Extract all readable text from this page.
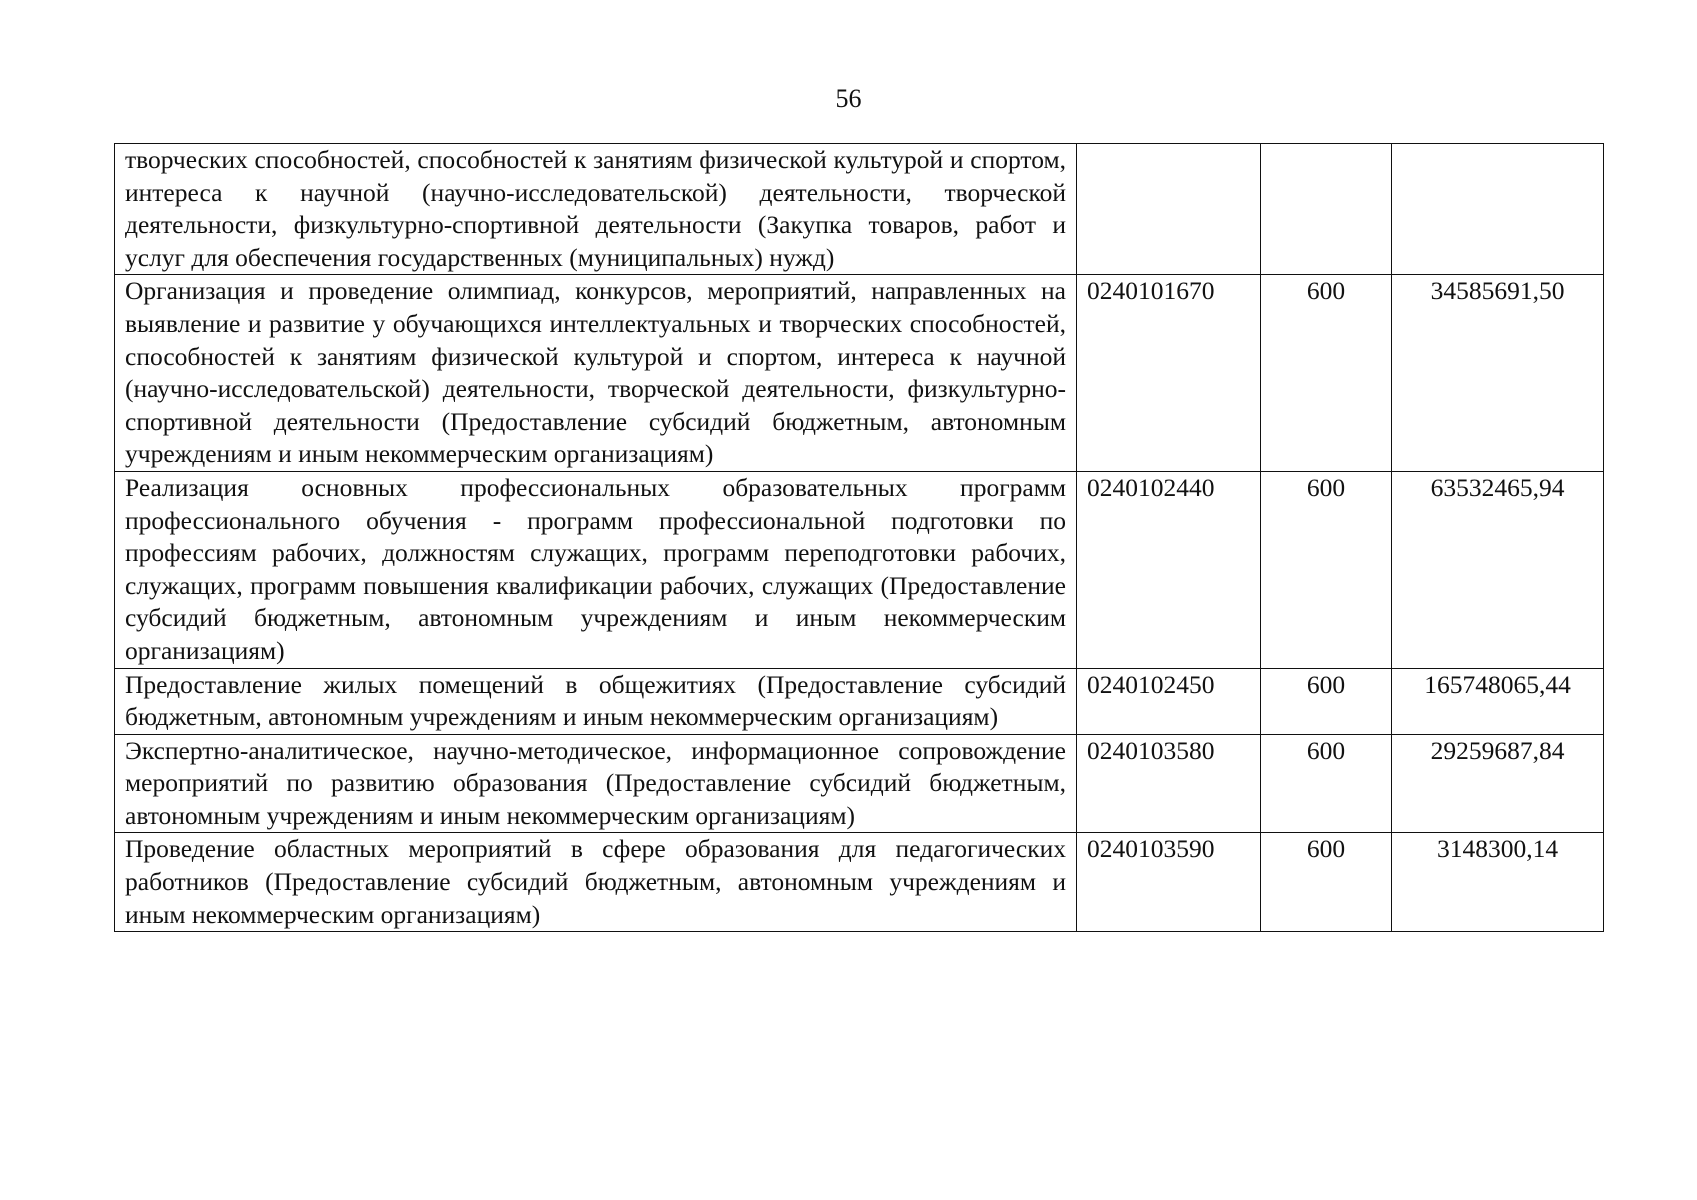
56
творческих способностей, способностей к занятиям физической культурой и спортом, интереса к научной (научно-исследовательской) деятельности, творческой деятельности, физкультурно-спортивной деятельности (Закупка товаров, работ и услуг для обеспечения государственных (муниципальных) нужд)			
Организация и проведение олимпиад, конкурсов, мероприятий, направленных на выявление и развитие у обучающихся интеллектуальных и творческих способностей, способностей к занятиям физической культурой и спортом, интереса к научной (научно-исследовательской) деятельности, творческой деятельности, физкультурно-спортивной деятельности (Предоставление субсидий бюджетным, автономным учреждениям и иным некоммерческим организациям)	0240101670	600	34585691,50
Реализация основных профессиональных образовательных программ профессионального обучения - программ профессиональной подготовки по профессиям рабочих, должностям служащих, программ переподготовки рабочих, служащих, программ повышения квалификации рабочих, служащих (Предоставление субсидий бюджетным, автономным учреждениям и иным некоммерческим организациям)	0240102440	600	63532465,94
Предоставление жилых помещений в общежитиях (Предоставление субсидий бюджетным, автономным учреждениям и иным некоммерческим организациям)	0240102450	600	165748065,44
Экспертно-аналитическое, научно-методическое, информационное сопровождение мероприятий по развитию образования (Предоставление субсидий бюджетным, автономным учреждениям и иным некоммерческим организациям)	0240103580	600	29259687,84
Проведение областных мероприятий в сфере образования для педагогических работников (Предоставление субсидий бюджетным, автономным учреждениям и иным некоммерческим организациям)	0240103590	600	3148300,14
